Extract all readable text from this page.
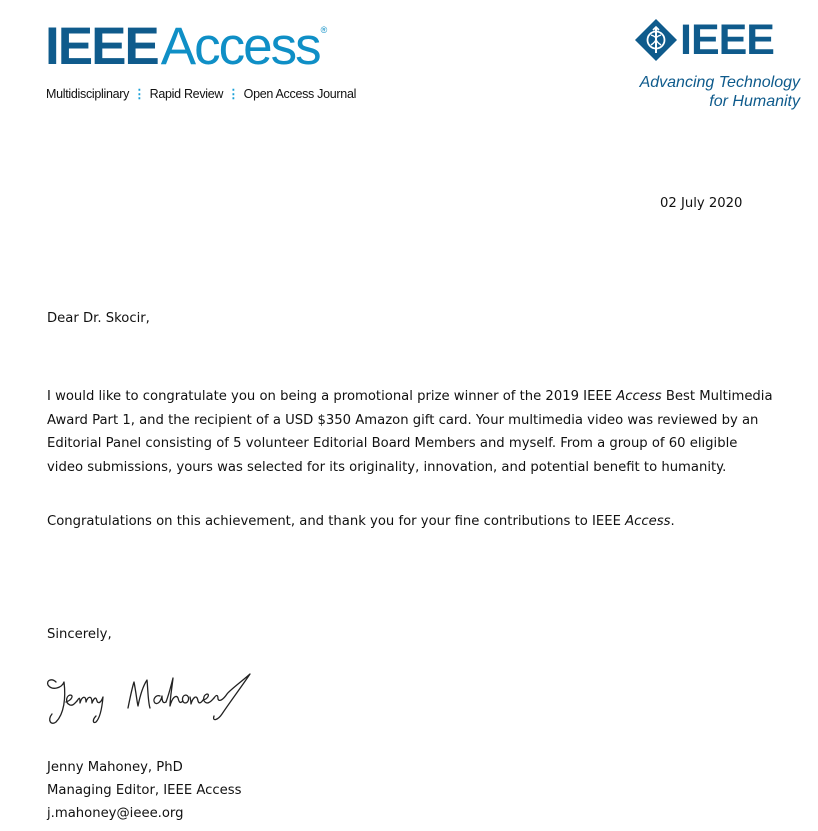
IEEEAccess®
Multidisciplinary ⋮ Rapid Review ⋮ Open Access Journal
IEEE
Advancing Technology
for Humanity
02 July 2020
Dear Dr. Skocir,

I would like to congratulate you on being a promotional prize winner of the 2019 IEEE Access Best Multimedia Award Part 1, and the recipient of a USD $350 Amazon gift card. Your multimedia video was reviewed by an Editorial Panel consisting of 5 volunteer Editorial Board Members and myself. From a group of 60 eligible video submissions, yours was selected for its originality, innovation, and potential benefit to humanity.

Congratulations on this achievement, and thank you for your fine contributions to IEEE Access.

Sincerely,
Jenny Mahoney, PhD
Managing Editor, IEEE Access
j.mahoney@ieee.org
